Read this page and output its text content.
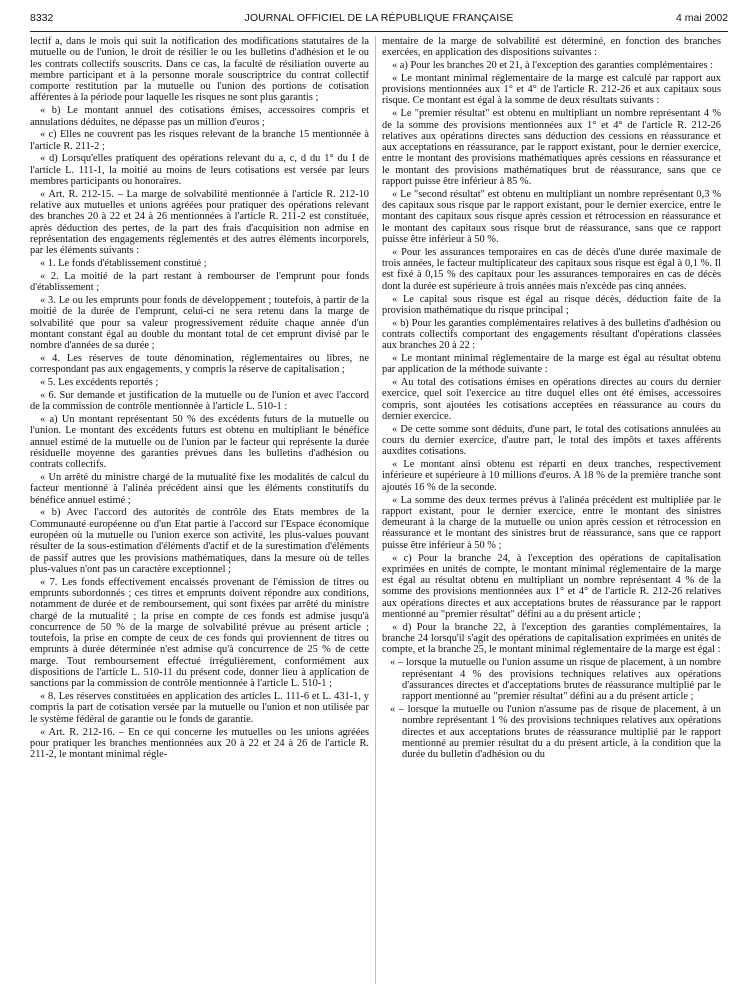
8332	JOURNAL OFFICIEL DE LA RÉPUBLIQUE FRANÇAISE	4 mai 2002

lectif a, dans le mois qui suit la notification des modifications statutaires de la mutuelle ou de l'union, le droit de résilier le ou les bulletins d'adhésion et le ou les contrats collectifs souscrits. Dans ce cas, la faculté de résiliation ouverte au membre participant et à la personne morale souscriptrice du contrat collectif comporte restitution par la mutuelle ou l'union des portions de cotisation afférentes à la période pour laquelle les risques ne sont plus garantis ;

« b) Le montant annuel des cotisations émises, accessoires compris et annulations déduites, ne dépasse pas un million d'euros ;

« c) Elles ne couvrent pas les risques relevant de la branche 15 mentionnée à l'article R. 211-2 ;

« d) Lorsqu'elles pratiquent des opérations relevant du a, c, d du 1° du I de l'article L. 111-1, la moitié au moins de leurs cotisations est versée par leurs membres participants ou honoraires.

« Art. R. 212-15. – La marge de solvabilité mentionnée à l'article R. 212-10 relative aux mutuelles et unions agréées pour pratiquer des opérations relevant des branches 20 à 22 et 24 à 26 mentionnées à l'article R. 211-2 est constituée, après déduction des pertes, de la part des frais d'acquisition non admise en représentation des engagements réglementés et des autres éléments incorporels, par les éléments suivants :

« 1. Le fonds d'établissement constitué ;

« 2. La moitié de la part restant à rembourser de l'emprunt pour fonds d'établissement ;

« 3. Le ou les emprunts pour fonds de développement ; toutefois, à partir de la moitié de la durée de l'emprunt, celui-ci ne sera retenu dans la marge de solvabilité que pour sa valeur progressivement réduite chaque année d'un montant constant égal au double du montant total de cet emprunt divisé par le nombre d'années de sa durée ;

« 4. Les réserves de toute dénomination, réglementaires ou libres, ne correspondant pas aux engagements, y compris la réserve de capitalisation ;

« 5. Les excédents reportés ;

« 6. Sur demande et justification de la mutuelle ou de l'union et avec l'accord de la commission de contrôle mentionnée à l'article L. 510-1 :

« a) Un montant représentant 50 % des excédents futurs de la mutuelle ou l'union. Le montant des excédents futurs est obtenu en multipliant le bénéfice annuel estimé de la mutuelle ou de l'union par le facteur qui représente la durée résiduelle moyenne des garanties prévues dans les bulletins d'adhésion ou contrats collectifs.

« Un arrêté du ministre chargé de la mutualité fixe les modalités de calcul du facteur mentionné à l'alinéa précédent ainsi que les éléments constitutifs du bénéfice annuel estimé ;

« b) Avec l'accord des autorités de contrôle des Etats membres de la Communauté européenne ou d'un Etat partie à l'accord sur l'Espace économique européen où la mutuelle ou l'union exerce son activité, les plus-values pouvant résulter de la sous-estimation d'éléments d'actif et de la surestimation d'éléments de passif autres que les provisions mathématiques, dans la mesure où de telles plus-values n'ont pas un caractère exceptionnel ;

« 7. Les fonds effectivement encaissés provenant de l'émission de titres ou emprunts subordonnés ; ces titres et emprunts doivent répondre aux conditions, notamment de durée et de remboursement, qui sont fixées par arrêté du ministre chargé de la mutualité ; la prise en compte de ces fonds est admise jusqu'à concurrence de 50 % de la marge de solvabilité prévue au présent article ; toutefois, la prise en compte de ceux de ces fonds qui proviennent de titres ou emprunts à durée déterminée n'est admise qu'à concurrence de 25 % de cette marge. Tout remboursement effectué irrégulièrement, conformément aux dispositions de l'article L. 510-11 du présent code, donner lieu à application de sanctions par la commission de contrôle mentionnée à l'article L. 510-1 ;

« 8. Les réserves constituées en application des articles L. 111-6 et L. 431-1, y compris la part de cotisation versée par la mutuelle ou l'union et non utilisée par le système fédéral de garantie ou le fonds de garantie.

« Art. R. 212-16. – En ce qui concerne les mutuelles ou les unions agréées pour pratiquer les branches mentionnées aux 20 à 22 et 24 à 26 de l'article R. 211-2, le montant minimal régle-

mentaire de la marge de solvabilité est déterminé, en fonction des branches exercées, en application des dispositions suivantes :

« a) Pour les branches 20 et 21, à l'exception des garanties complémentaires :

« Le montant minimal réglementaire de la marge est calculé par rapport aux provisions mentionnées aux 1° et 4° de l'article R. 212-26 et aux capitaux sous risque. Ce montant est égal à la somme de deux résultats suivants :

« Le "premier résultat" est obtenu en multipliant un nombre représentant 4 % de la somme des provisions mentionnées aux 1° et 4° de l'article R. 212-26 relatives aux opérations directes sans déduction des cessions en réassurance et aux acceptations en réassurance, par le rapport existant, pour le dernier exercice, entre le montant des provisions mathématiques après cessions en réassurance et le montant des provisions mathématiques brut de réassurance, sans que ce rapport puisse être inférieur à 85 %.

« Le "second résultat" est obtenu en multipliant un nombre représentant 0,3 % des capitaux sous risque par le rapport existant, pour le dernier exercice, entre le montant des capitaux sous risque après cession et rétrocession en réassurance et le montant des capitaux sous risque brut de réassurance, sans que ce rapport puisse être inférieur à 50 %.

« Pour les assurances temporaires en cas de décès d'une durée maximale de trois années, le facteur multiplicateur des capitaux sous risque est égal à 0,1 %. Il est fixé à 0,15 % des capitaux pour les assurances temporaires en cas de décès dont la durée est supérieure à trois années mais n'excède pas cinq années.

« Le capital sous risque est égal au risque décès, déduction faite de la provision mathématique du risque principal ;

« b) Pour les garanties complémentaires relatives à des bulletins d'adhésion ou contrats collectifs comportant des engagements résultant d'opérations classées aux branches 20 à 22 :

« Le montant minimal réglementaire de la marge est égal au résultat obtenu par application de la méthode suivante :

« Au total des cotisations émises en opérations directes au cours du dernier exercice, quel soit l'exercice au titre duquel elles ont été émises, accessoires compris, sont ajoutées les cotisations acceptées en réassurance au cours du dernier exercice.

« De cette somme sont déduits, d'une part, le total des cotisations annulées au cours du dernier exercice, d'autre part, le total des impôts et taxes afférents auxdites cotisations.

« Le montant ainsi obtenu est réparti en deux tranches, respectivement inférieure et supérieure à 10 millions d'euros. A 18 % de la première tranche sont ajoutés 16 % de la seconde.

« La somme des deux termes prévus à l'alinéa précédent est multipliée par le rapport existant, pour le dernier exercice, entre le montant des sinistres demeurant à la charge de la mutuelle ou union après cession et rétrocession en réassurance et le montant des sinistres brut de réassurance, sans que ce rapport puisse être inférieur à 50 % ;

« c) Pour la branche 24, à l'exception des opérations de capitalisation exprimées en unités de compte, le montant minimal réglementaire de la marge est égal au résultat obtenu en multipliant un nombre représentant 4 % de la somme des provisions mentionnées aux 1° et 4° de l'article R. 212-26 relatives aux opérations directes et aux acceptations brutes de réassurance par le rapport mentionné au "premier résultat" défini au a du présent article ;

« d) Pour la branche 22, à l'exception des garanties complémentaires, la branche 24 lorsqu'il s'agit des opérations de capitalisation exprimées en unités de compte, et la branche 25, le montant minimal réglementaire de la marge est égal :

« – lorsque la mutuelle ou l'union assume un risque de placement, à un nombre représentant 4 % des provisions techniques relatives aux opérations d'assurances directes et d'acceptations brutes de réassurance multiplié par le rapport mentionné au "premier résultat" défini au a du présent article ;

« – lorsque la mutuelle ou l'union n'assume pas de risque de placement, à un nombre représentant 1 % des provisions techniques relatives aux opérations directes et aux acceptations brutes de réassurance multiplié par le rapport mentionné au premier résultat du a du présent article, à la condition que la durée du bulletin d'adhésion ou du
